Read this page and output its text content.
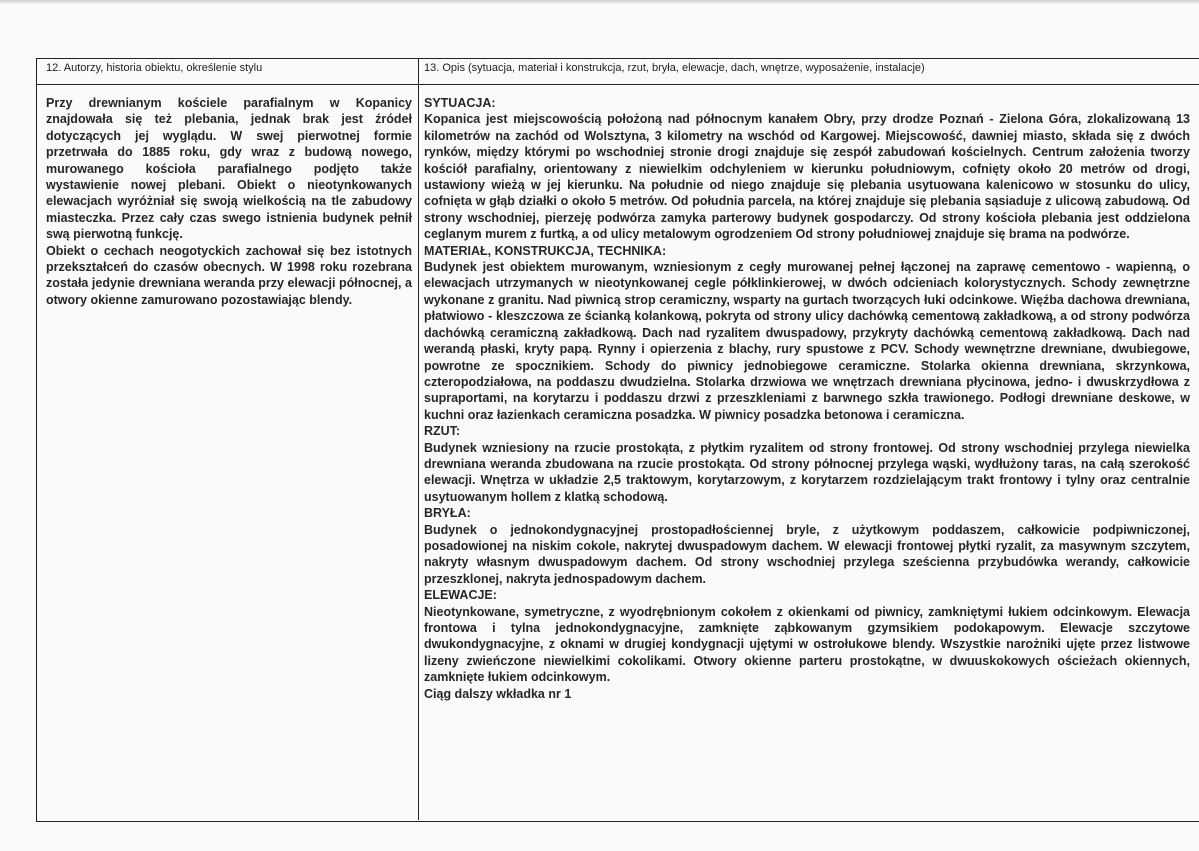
12. Autorzy, historia obiektu, określenie stylu	13. Opis (sytuacja, materiał i konstrukcja, rzut, bryła, elewacje, dach, wnętrze, wyposażenie, instalacje)

Przy drewnianym kościele parafialnym w Kopanicy znajdowała się też plebania, jednak brak jest źródeł dotyczących jej wyglądu. W swej pierwotnej formie przetrwała do 1885 roku, gdy wraz z budową nowego, murowanego kościoła parafialnego podjęto także wystawienie nowej plebani. Obiekt o nieotynkowanych elewacjach wyróżniał się swoją wielkością na tle zabudowy miasteczka. Przez cały czas swego istnienia budynek pełnił swą pierwotną funkcję.

Obiekt o cechach neogotyckich zachował się bez istotnych przekształceń do czasów obecnych. W 1998 roku rozebrana została jedynie drewniana weranda przy elewacji północnej, a otwory okienne zamurowano pozostawiając blendy.

SYTUACJA:

Kopanica jest miejscowością położoną nad północnym kanałem Obry, przy drodze Poznań - Zielona Góra, zlokalizowaną 13 kilometrów na zachód od Wolsztyna, 3 kilometry na wschód od Kargowej. Miejscowość, dawniej miasto, składa się z dwóch rynków, między którymi po wschodniej stronie drogi znajduje się zespół zabudowań kościelnych. Centrum założenia tworzy kościół parafialny, orientowany z niewielkim odchyleniem w kierunku południowym, cofnięty około 20 metrów od drogi, ustawiony wieżą w jej kierunku. Na południe od niego znajduje się plebania usytuowana kalenicowo w stosunku do ulicy, cofnięta w głąb działki o około 5 metrów. Od południa parcela, na której znajduje się plebania sąsiaduje z ulicową zabudową. Od strony wschodniej, pierzeję podwórza zamyka parterowy budynek gospodarczy. Od strony kościoła plebania jest oddzielona ceglanym murem z furtką, a od ulicy metalowym ogrodzeniem Od strony południowej znajduje się brama na podwórze.

MATERIAŁ, KONSTRUKCJA, TECHNIKA:

Budynek jest obiektem murowanym, wzniesionym z cegły murowanej pełnej łączonej na zaprawę cementowo - wapienną, o elewacjach utrzymanych w nieotynkowanej cegle półklinkierowej, w dwóch odcieniach kolorystycznych. Schody zewnętrzne wykonane z granitu. Nad piwnicą strop ceramiczny, wsparty na gurtach tworzących łuki odcinkowe. Więźba dachowa drewniana, płatwiowo - kleszczowa ze ścianką kolankową, pokryta od strony ulicy dachówką cementową zakładkową, a od strony podwórza dachówką ceramiczną zakładkową. Dach nad ryzalitem dwuspadowy, przykryty dachówką cementową zakładkową. Dach nad werandą płaski, kryty papą. Rynny i opierzenia z blachy, rury spustowe z PCV. Schody wewnętrzne drewniane, dwubiegowe, powrotne ze spocznikiem. Schody do piwnicy jednobiegowe ceramiczne. Stolarka okienna drewniana, skrzynkowa, czteropodziałowa, na poddaszu dwudzielna. Stolarka drzwiowa we wnętrzach drewniana płycinowa, jedno- i dwuskrzydłowa z supraportami, na korytarzu i poddaszu drzwi z przeszkleniami z barwnego szkła trawionego. Podłogi drewniane deskowe, w kuchni oraz łazienkach ceramiczna posadzka. W piwnicy posadzka betonowa i ceramiczna.

RZUT:

Budynek wzniesiony na rzucie prostokąta, z płytkim ryzalitem od strony frontowej. Od strony wschodniej przylega niewielka drewniana weranda zbudowana na rzucie prostokąta. Od strony północnej przylega wąski, wydłużony taras, na całą szerokość elewacji. Wnętrza w układzie 2,5 traktowym, korytarzowym, z korytarzem rozdzielającym trakt frontowy i tylny oraz centralnie usytuowanym hollem z klatką schodową.

BRYŁA:

Budynek o jednokondygnacyjnej prostopadłościennej bryle, z użytkowym poddaszem, całkowicie podpiwniczonej, posadowionej na niskim cokole, nakrytej dwuspadowym dachem. W elewacji frontowej płytki ryzalit, za masywnym szczytem, nakryty własnym dwuspadowym dachem. Od strony wschodniej przylega sześcienna przybudówka werandy, całkowicie przeszklonej, nakryta jednospadowym dachem.

ELEWACJE:

Nieotynkowane, symetryczne, z wyodrębnionym cokołem z okienkami od piwnicy, zamkniętymi łukiem odcinkowym. Elewacja frontowa i tylna jednokondygnacyjne, zamknięte ząbkowanym gzymsikiem podokapowym. Elewacje szczytowe dwukondygnacyjne, z oknami w drugiej kondygnacji ujętymi w ostrołukowe blendy. Wszystkie narożniki ujęte przez listwowe lizeny zwieńczone niewielkimi cokolikami. Otwory okienne parteru prostokątne, w dwuuskokowych ościeżach okiennych, zamknięte łukiem odcinkowym.

Ciąg dalszy wkładka nr 1
